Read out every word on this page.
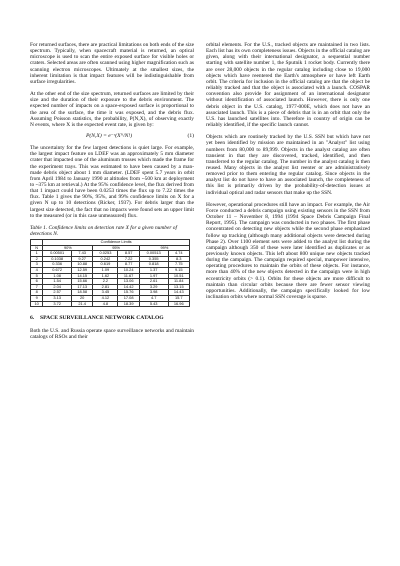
For returned surfaces, there are practical limitations on both ends of the size spectrum. Typically, when spacecraft material is returned, an optical microscope is used to scan the entire exposed surface for visible holes or craters. Selected areas are often scanned using higher magnification such as scanning electron microscopes. Ultimately at the smallest sizes, the inherent limitation is that impact features will be indistinguishable from surface irregularities.

At the other end of the size spectrum, returned surfaces are limited by their size and the duration of their exposure to the debris environment. The expected number of impacts on a space-exposed surface is proportional to the area of the surface, the time it was exposed, and the debris flux. Assuming Poisson statistics, the probability, P(N,X), of observing exactly N events, where X is the expected event rate, is given by:

P(N,X) = e⁻ˣ(Xᴺ/N!)	(1)

The uncertainty for the few largest detections is quiet large. For example, the largest impact feature on LDEF was an approximately 5 mm diameter crater that impacted one of the aluminum trusses which made the frame for the experiment trays. This was estimated to have been caused by a man-made debris object about 1 mm diameter. (LDEF spent 5.7 years in orbit from April 1984 to January 1990 at altitudes from ~500 km at deployment to ~375 km at retrieval.) At the 95% confidence level, the flux derived from that 1 impact could have been 0.0253 times the flux up to 7.22 times the flux. Table 1 gives the 90%, 95%, and 99% confidence limits on X for a given N up to 10 detections (Ricker, 1937). For debris larger than the largest size detected, the fact that no impacts were found sets an upper limit to the measured (or in this case unmeasured) flux.

Table 1. Confidence limits on detection rate X for a given number of detections N.

	Confidence Limits					
N	90%		95%		99%	
1	0.00501	7.43	0.0253	8.57	0.00513	4.74
2	0.1038	9.27	0.242	7.22	0.355	8.3
3	0.336	10.88	0.619	8.77	0.818	7.75
4	0.672	12.59	1.09	10.24	1.37	9.15
5	1.08	14.15	1.62	11.67	1.97	10.51
6	1.54	15.66	2.2	13.06	2.61	11.84
7	2.04	17.13	2.81	14.42	3.29	13.15
8	2.57	18.58	3.45	15.76	3.98	14.43
9	3.13	20	4.12	17.08	4.7	15.7
10	3.72	21.4	4.8	18.39	5.43	16.96

6.	SPACE SURVEILLANCE NETWORK CATALOG

Both the U.S. and Russia operate space surveillance networks and maintain catalogs of RSOs and their

orbital elements. For the U.S., tracked objects are maintained in two lists. Each list has its own completeness issues. Objects in the official catalog are given, along with their international designator, a sequential number starting with satellite number 1, the Sputnik 1 rocket body. Currently there are over 28,000 objects in the regular catalog including close to 19,000 objects which have reentered the Earth's atmosphere or have left Earth orbit. The criteria for inclusion in the official catalog are that the object be reliably tracked and that the object is associated with a launch. COSPAR convention also provide for assignment of an international designator without identification of associated launch. However, there is only one debris object in the U.S. catalog, 1977-000E, which does not have an associated launch. This is a piece of debris that is in an orbit that only the U.S. has launched satellites into. Therefore in country of origin can be reliably identified, if the specific launch cannot.

Objects which are routinely tracked by the U.S. SSN but which have not yet been identified by mission are maintained in an "Analyst" list using numbers from 80,000 to 89,999. Objects in the analyst catalog are often transient in that they are discovered, tracked, identified, and then transferred to the regular catalog. The number in the analyst catalog is then reused. Many objects in the analyst list reenter or are administratively removed prior to them entering the regular catalog. Since objects in the analyst list do not have to have an associated launch, the completeness of this list is primarily driven by the probability-of-detection issues at individual optical and radar sensors that make up the SSN.

However, operational procedures still have an impact. For example, the Air Force conducted a debris campaign using existing sensors in the SSN from October 11 – November 8, 1994 (1994 Space Debris Campaign Final Report, 1995). The campaign was conducted in two phases. The first phase concentrated on detecting new objects while the second phase emphasized follow up tracking (although many additional objects were detected during Phase 2). Over 1100 element sets were added to the analyst list during the campaign although 350 of these were later identified as duplicates or as previously known objects. This left about 800 unique new objects tracked during the campaign. The campaign required special, manpower intensive, operating procedures to maintain the orbits of these objects. For instance, more than 40% of the new objects detected in the campaign were in high eccentricity orbits (> 0.1). Orbits for these objects are more difficult to maintain than circular orbits because there are fewer sensor viewing opportunities. Additionally, the campaign specifically looked for low inclination orbits where normal SSN coverage is sparse.
